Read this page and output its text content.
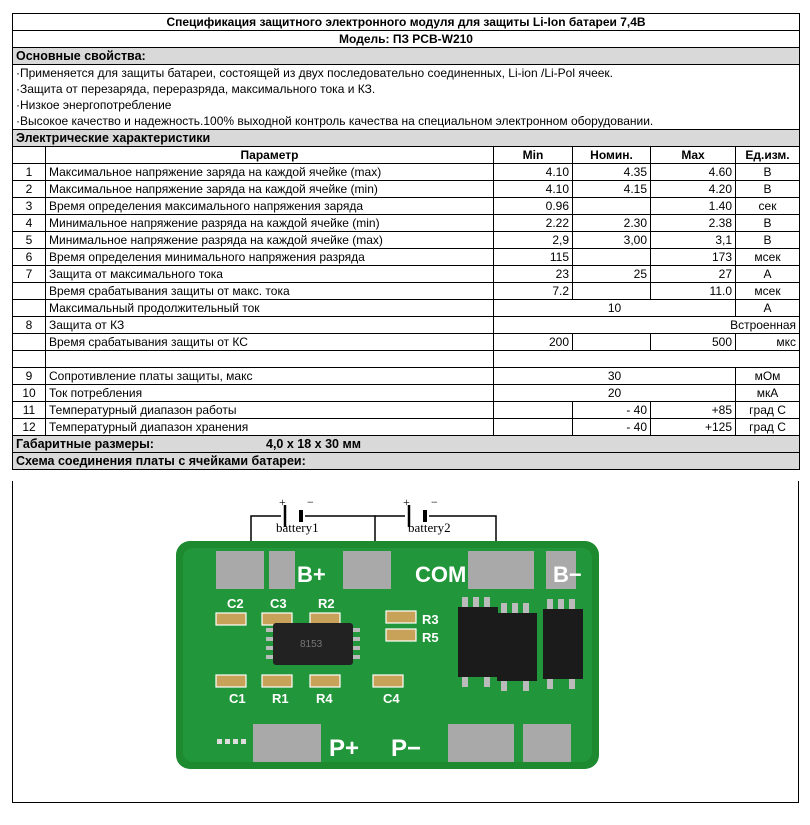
Спецификация защитного электронного модуля для защиты Li-Ion батареи 7,4В					
Модель: ПЗ PCB-W210					
Основные свойства:					
·Применяется для защиты батареи, состоящей из двух последовательно соединенных, Li-ion /Li-Pol ячеек.					
·Защита от перезаряда, переразряда, максимального тока и КЗ.					
·Низкое энергопотребление					
·Высокое качество и надежность.100% выходной контроль качества на специальном электронном оборудовании.					
Электрические характеристики					
	Параметр	Min	Номин.	Max	Ед.изм.
1	Максимальное напряжение заряда на каждой ячейке (max)	4.10	4.35	4.60	В
2	Максимальное напряжение заряда на каждой ячейке (min)	4.10	4.15	4.20	В
3	Время определения максимального напряжения заряда	0.96		1.40	сек
4	Минимальное напряжение разряда на каждой ячейке (min)	2.22	2.30	2.38	В
5	Минимальное напряжение разряда на каждой ячейке (max)	2,9	3,00	3,1	В
6	Время определения минимального напряжения разряда	115		173	мсек
7	Защита от максимального тока	23	25	27	А
	Время срабатывания защиты от макс. тока	7.2		11.0	мсек
	Максимальный продолжительный ток	10			А
8	Защита от КЗ	Встроенная			
	Время срабатывания защиты от КС	200		500	мкс

9	Сопротивление платы защиты, макс	30			мОм
10	Ток потребления	20			мкА
11	Температурный диапазон работы		- 40	+85	град С
12	Температурный диапазон хранения		- 40	+125	град С
Габаритные размеры: 4,0 х 18 х 30 мм					
Схема соединения платы с ячейками батареи:					
+ −
battery1
+ −
battery2
B+	COM	B−
P+ P−
C2 C3 R2
R3
R5
C1 R1 R4	C4
8153
